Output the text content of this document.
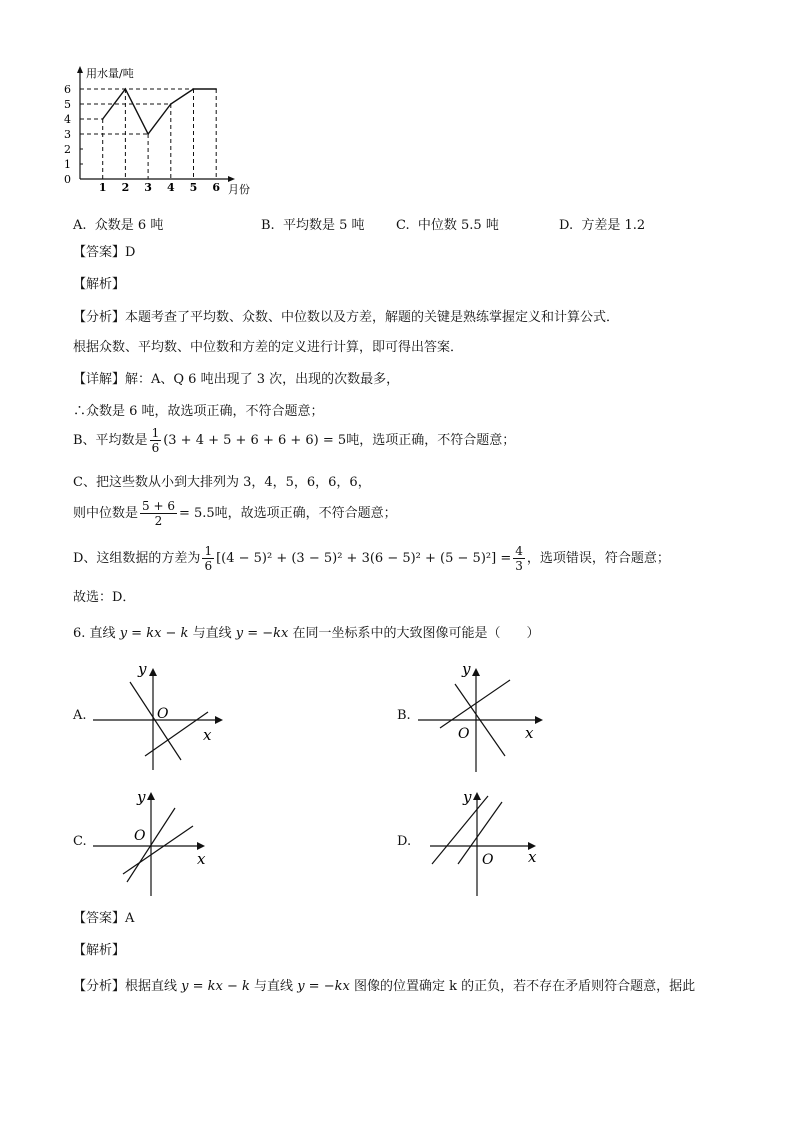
用水量/吨
月份
0
1
2
3
4
5
6
1 2 3 4 5 6
A. 众数是 6 吨	B. 平均数是 5 吨 C. 中位数 5.5 吨	D. 方差是 1.2
【答案】D
【解析】
【分析】本题考查了平均数、众数、中位数以及方差，解题的关键是熟练掌握定义和计算公式．
根据众数、平均数、中位数和方差的定义进行计算，即可得出答案．
【详解】解：A、Q 6 吨出现了 3 次，出现的次数最多，
∴众数是 6 吨，故选项正确，不符合题意；
B、平均数是 $\frac{1}{6} (3 + 4 + 5 + 6 + 6 + 6) = 5$吨，选项正确，不符合题意；
C、把这些数从小到大排列为 3，4，5，6，6，6，
则中位数是 $\frac{5 + 6}{2} = 5.5$吨，故选项正确，不符合题意；
D、这组数据的方差为 $\frac{1}{6} [(4 - 5)^2 + (3 - 5)^2 + 3(6 - 5)^2 + (5 - 5)^2] = \frac{4}{3}$ ，选项错误，符合题意；
故选：D．
6. 直线 y = kx − k 与直线 y = −kx 在同一坐标系中的大致图像可能是（　　）
A.
y
O
x
B.
y
O	x
C.
y
O
x
D.
y
O x
【答案】A
【解析】
【分析】根据直线 y = kx − k 与直线 y = −kx 图像的位置确定 k 的正负，若不存在矛盾则符合题意，据此
